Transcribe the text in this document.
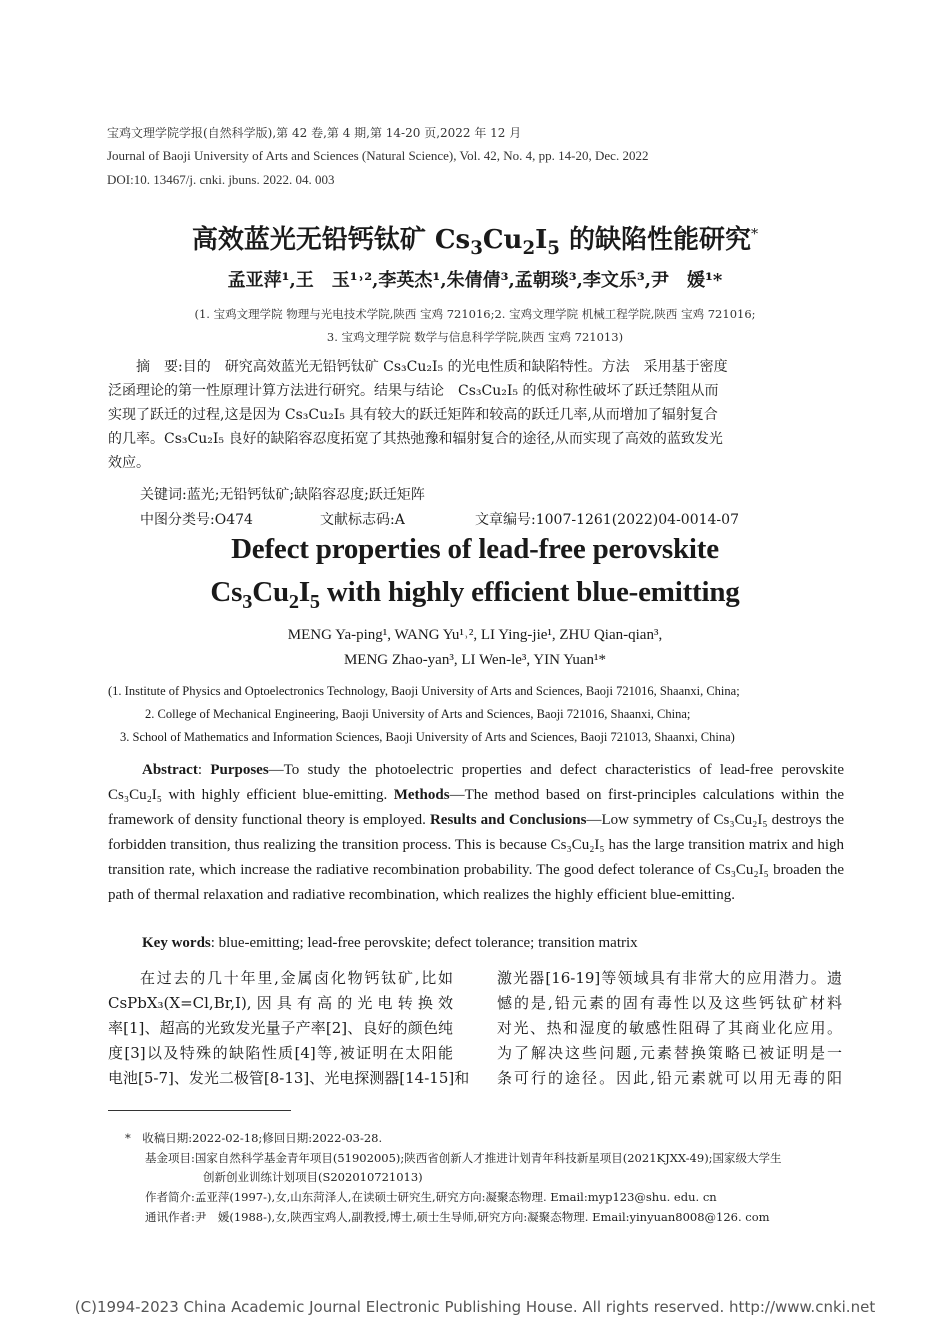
宝鸡文理学院学报(自然科学版),第 42 卷,第 4 期,第 14-20 页,2022 年 12 月
Journal of Baoji University of Arts and Sciences (Natural Science), Vol. 42, No. 4, pp. 14-20, Dec. 2022
DOI:10. 13467/j. cnki. jbuns. 2022. 04. 003
高效蓝光无铅钙钛矿 $Cs_3Cu_2I_5$ 的缺陷性能研究*
孟亚萍¹,王　玉¹˒²,李英杰¹,朱倩倩³,孟朝琰³,李文乐³,尹　媛¹*
(1. 宝鸡文理学院 物理与光电技术学院,陕西 宝鸡 721016;2. 宝鸡文理学院 机械工程学院,陕西 宝鸡 721016;
3. 宝鸡文理学院 数学与信息科学学院,陕西 宝鸡 721013)
摘　要:目的　研究高效蓝光无铅钙钛矿 Cs₃Cu₂I₅ 的光电性质和缺陷特性。方法　采用基于密度
泛函理论的第一性原理计算方法进行研究。结果与结论　Cs₃Cu₂I₅ 的低对称性破坏了跃迁禁阻从而
实现了跃迁的过程,这是因为 Cs₃Cu₂I₅ 具有较大的跃迁矩阵和较高的跃迁几率,从而增加了辐射复合
的几率。Cs₃Cu₂I₅ 良好的缺陷容忍度拓宽了其热弛豫和辐射复合的途径,从而实现了高效的蓝致发光
效应。
关键词:蓝光;无铅钙钛矿;缺陷容忍度;跃迁矩阵
中图分类号:O474	文献标志码:A	文章编号:1007-1261(2022)04-0014-07
Defect properties of lead-free perovskite
$Cs_3Cu_2I_5$ with highly efficient blue-emitting
MENG Ya-ping¹, WANG Yu¹˒², LI Ying-jie¹, ZHU Qian-qian³,
MENG Zhao-yan³, LI Wen-le³, YIN Yuan¹*
(1. Institute of Physics and Optoelectronics Technology, Baoji University of Arts and Sciences, Baoji 721016, Shaanxi, China;
2. College of Mechanical Engineering, Baoji University of Arts and Sciences, Baoji 721016, Shaanxi, China;
3. School of Mathematics and Information Sciences, Baoji University of Arts and Sciences, Baoji 721013, Shaanxi, China)
Abstract: Purposes—To study the photoelectric properties and defect characteristics of lead-free perovskite Cs₃Cu₂I₅ with highly efficient blue-emitting. Methods—The method based on first-principles calculations within the framework of density functional theory is employed. Results and Conclusions—Low symmetry of Cs₃Cu₂I₅ destroys the forbidden transition, thus realizing the transition process. This is because Cs₃Cu₂I₅ has the large transition matrix and high transition rate, which increase the radiative recombination probability. The good defect tolerance of Cs₃Cu₂I₅ broaden the path of thermal relaxation and radiative recombination, which realizes the highly efficient blue-emitting.
Key words: blue-emitting; lead-free perovskite; defect tolerance; transition matrix
在过去的几十年里,金属卤化物钙钛矿,比如
CsPbX₃(X=Cl,Br,I),因具有高的光电转换效
率[1]、超高的光致发光量子产率[2]、良好的颜色纯
度[3]以及特殊的缺陷性质[4]等,被证明在太阳能
电池[5-7]、发光二极管[8-13]、光电探测器[14-15]和
激光器[16-19]等领域具有非常大的应用潜力。遗
憾的是,铅元素的固有毒性以及这些钙钛矿材料
对光、热和湿度的敏感性阻碍了其商业化应用。
为了解决这些问题,元素替换策略已被证明是一
条可行的途径。因此,铅元素就可以用无毒的阳
*　收稿日期:2022-02-18;修回日期:2022-03-28.
基金项目:国家自然科学基金青年项目(51902005);陕西省创新人才推进计划青年科技新星项目(2021KJXX-49);国家级大学生
创新创业训练计划项目(S202010721013)
作者简介:孟亚萍(1997-),女,山东菏泽人,在读硕士研究生,研究方向:凝聚态物理. Email:myp123@shu. edu. cn
通讯作者:尹　媛(1988-),女,陕西宝鸡人,副教授,博士,硕士生导师,研究方向:凝聚态物理. Email:yinyuan8008@126. com
(C)1994-2023 China Academic Journal Electronic Publishing House. All rights reserved. http://www.cnki.net
